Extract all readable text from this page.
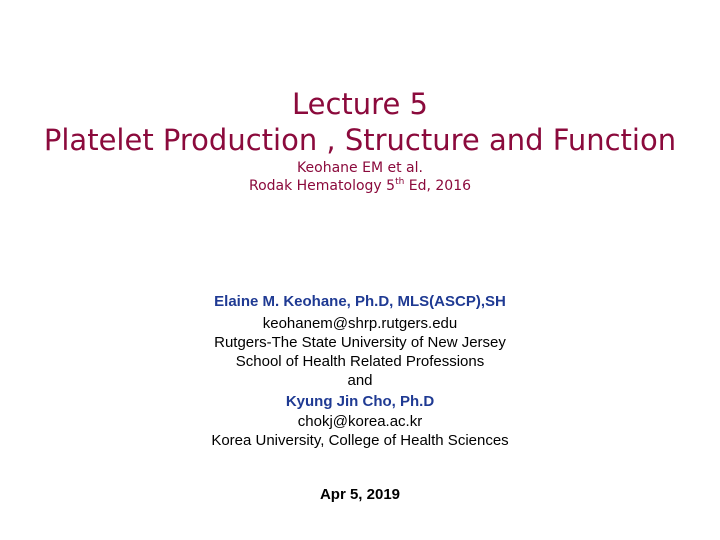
Lecture 5
Platelet Production , Structure and Function
Keohane EM et al.
Rodak Hematology 5th Ed, 2016
Elaine M. Keohane, Ph.D, MLS(ASCP),SH
keohanem@shrp.rutgers.edu
Rutgers-The State University of New Jersey
School of Health Related Professions
and
Kyung Jin Cho, Ph.D
chokj@korea.ac.kr
Korea University, College of Health Sciences
Apr 5, 2019
